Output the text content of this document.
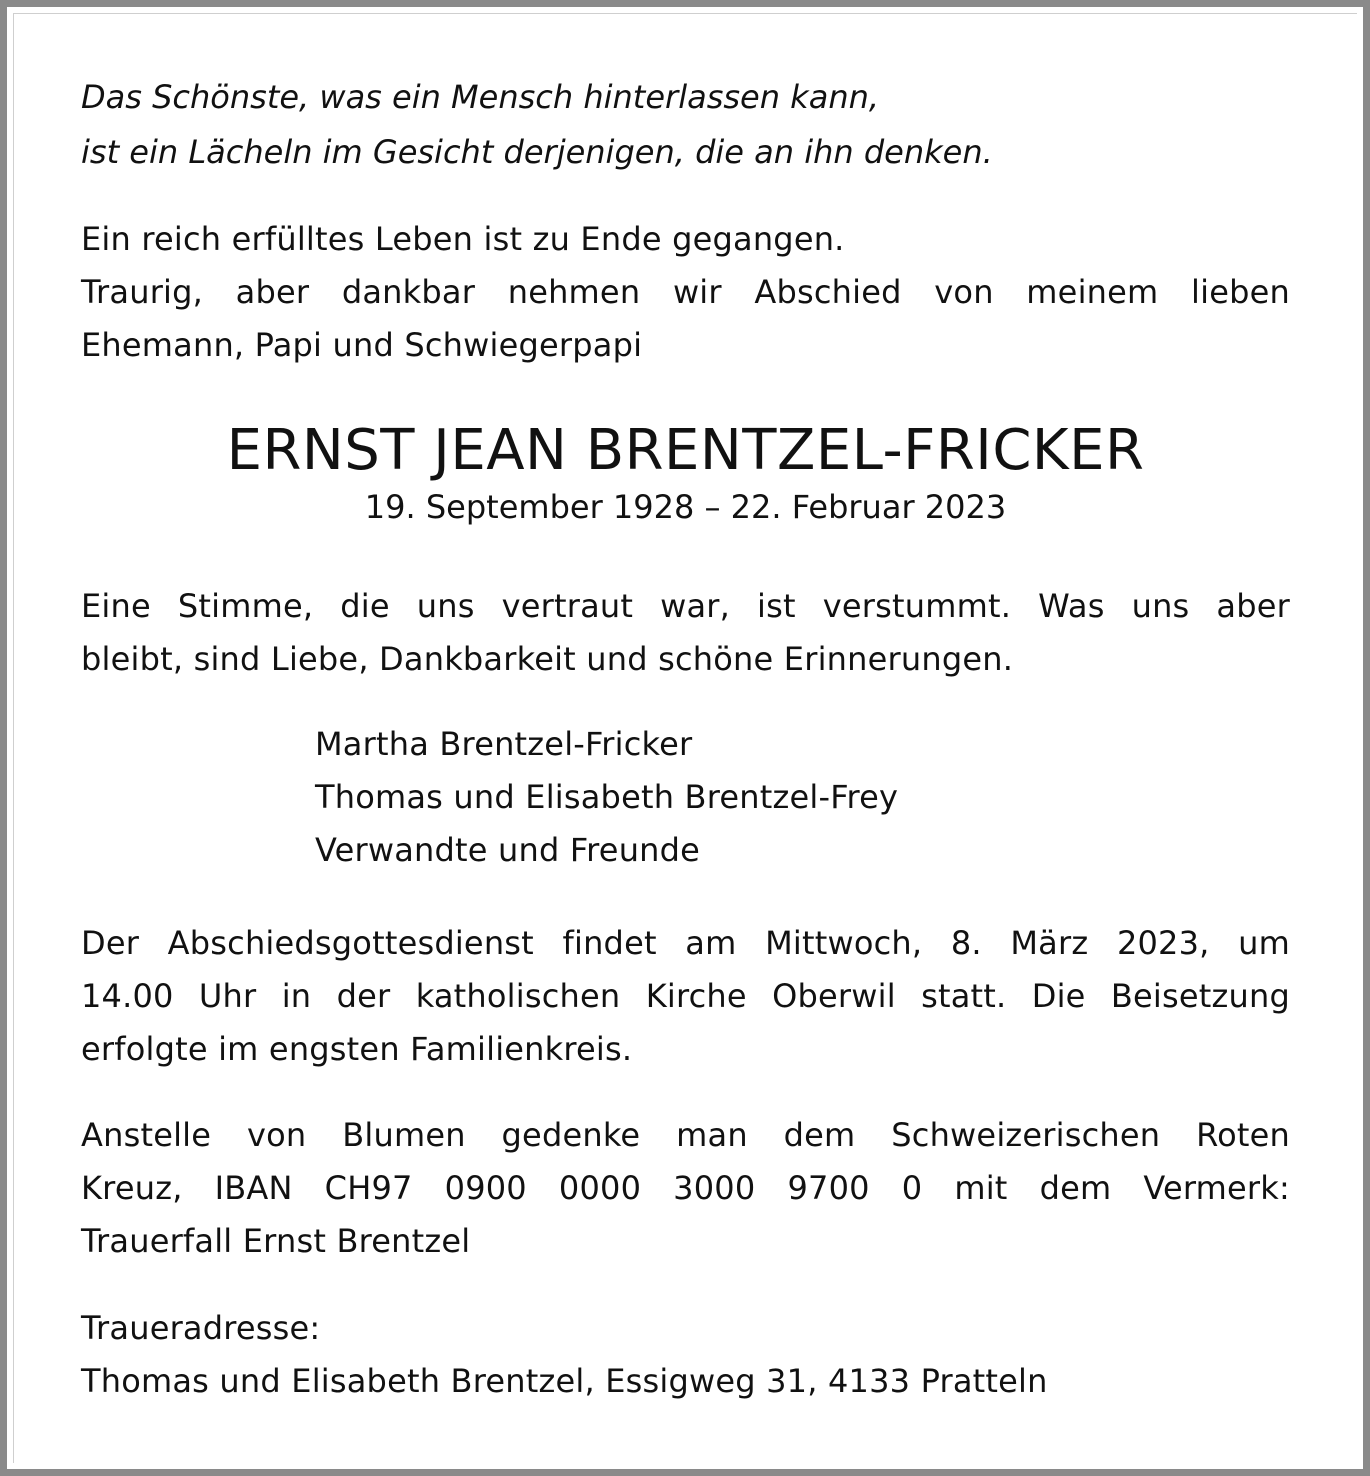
Das Schönste, was ein Mensch hinterlassen kann,
ist ein Lächeln im Gesicht derjenigen, die an ihn denken.
Ein reich erfülltes Leben ist zu Ende gegangen.
Traurig, aber dankbar nehmen wir Abschied von meinem lieben
Ehemann, Papi und Schwiegerpapi
ERNST JEAN BRENTZEL-FRICKER
19. September 1928 – 22. Februar 2023
Eine Stimme, die uns vertraut war, ist verstummt. Was uns aber
bleibt, sind Liebe, Dankbarkeit und schöne Erinnerungen.
Martha Brentzel-Fricker
Thomas und Elisabeth Brentzel-Frey
Verwandte und Freunde
Der Abschiedsgottesdienst findet am Mittwoch, 8. März 2023, um
14.00 Uhr in der katholischen Kirche Oberwil statt. Die Beisetzung
erfolgte im engsten Familienkreis.
Anstelle von Blumen gedenke man dem Schweizerischen Roten
Kreuz, IBAN CH97 0900 0000 3000 9700 0 mit dem Vermerk:
Trauerfall Ernst Brentzel
Traueradresse:
Thomas und Elisabeth Brentzel, Essigweg 31, 4133 Pratteln
